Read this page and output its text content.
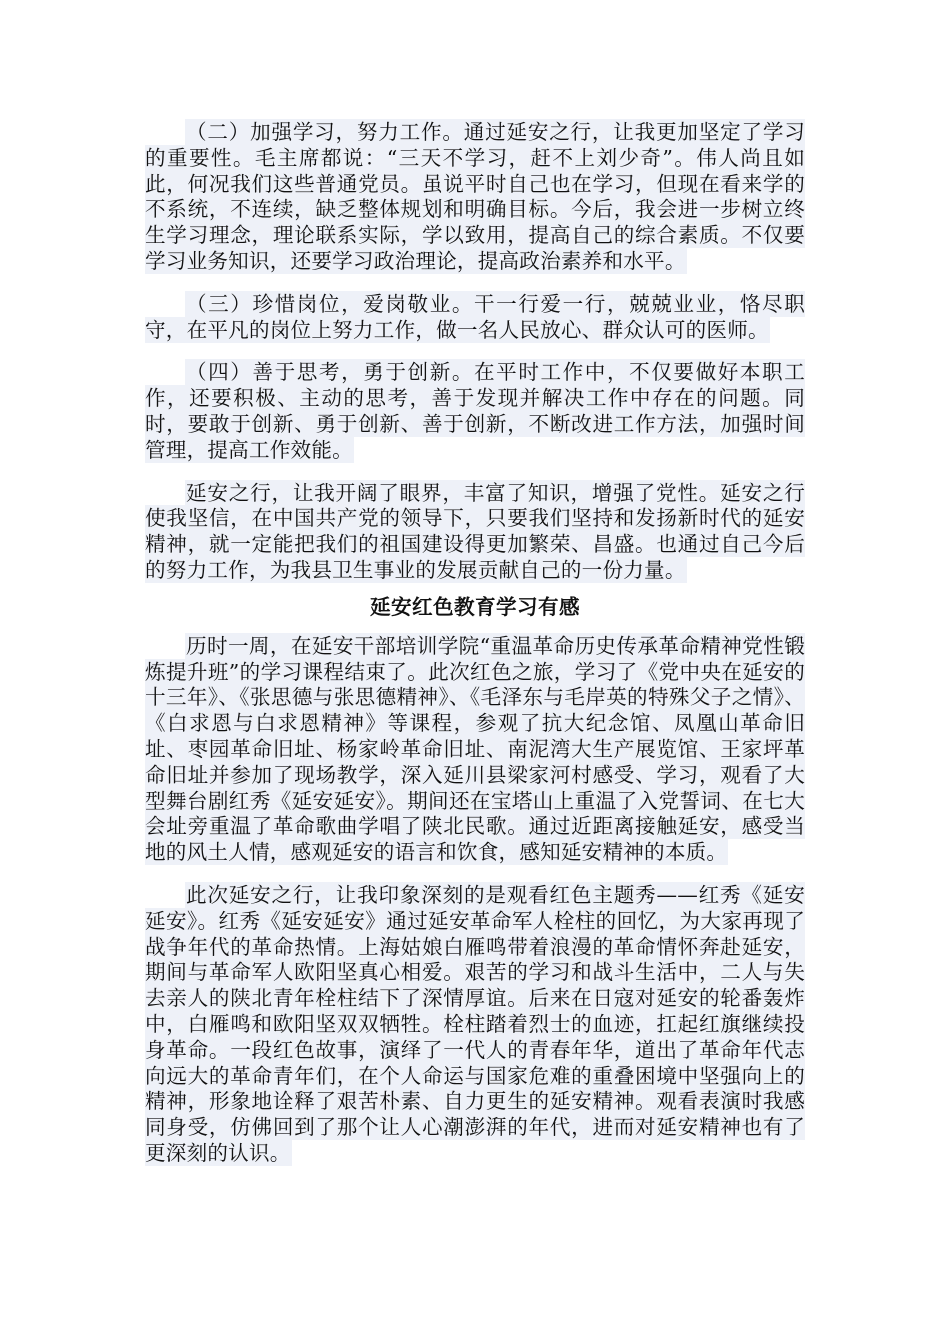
（二）加强学习，努力工作。通过延安之行，让我更加坚定了学习的重要性。毛主席都说：“三天不学习，赶不上刘少奇”。伟人尚且如此，何况我们这些普通党员。虽说平时自己也在学习，但现在看来学的不系统，不连续，缺乏整体规划和明确目标。今后，我会进一步树立终生学习理念，理论联系实际，学以致用，提高自己的综合素质。不仅要学习业务知识，还要学习政治理论，提高政治素养和水平。

（三）珍惜岗位，爱岗敬业。干一行爱一行，兢兢业业，恪尽职守，在平凡的岗位上努力工作，做一名人民放心、群众认可的医师。

（四）善于思考，勇于创新。在平时工作中，不仅要做好本职工作，还要积极、主动的思考，善于发现并解决工作中存在的问题。同时，要敢于创新、勇于创新、善于创新，不断改进工作方法，加强时间管理，提高工作效能。

延安之行，让我开阔了眼界，丰富了知识，增强了党性。延安之行使我坚信，在中国共产党的领导下，只要我们坚持和发扬新时代的延安精神，就一定能把我们的祖国建设得更加繁荣、昌盛。也通过自己今后的努力工作，为我县卫生事业的发展贡献自己的一份力量。

延安红色教育学习有感

历时一周，在延安干部培训学院“重温革命历史传承革命精神党性锻炼提升班”的学习课程结束了。此次红色之旅，学习了《党中央在延安的十三年》、《张思德与张思德精神》、《毛泽东与毛岸英的特殊父子之情》、《白求恩与白求恩精神》等课程，参观了抗大纪念馆、凤凰山革命旧址、枣园革命旧址、杨家岭革命旧址、南泥湾大生产展览馆、王家坪革命旧址并参加了现场教学，深入延川县梁家河村感受、学习，观看了大型舞台剧红秀《延安延安》。期间还在宝塔山上重温了入党誓词、在七大会址旁重温了革命歌曲学唱了陕北民歌。通过近距离接触延安，感受当地的风土人情，感观延安的语言和饮食，感知延安精神的本质。

此次延安之行，让我印象深刻的是观看红色主题秀——红秀《延安延安》。红秀《延安延安》通过延安革命军人栓柱的回忆，为大家再现了战争年代的革命热情。上海姑娘白雁鸣带着浪漫的革命情怀奔赴延安，期间与革命军人欧阳坚真心相爱。艰苦的学习和战斗生活中，二人与失去亲人的陕北青年栓柱结下了深情厚谊。后来在日寇对延安的轮番轰炸中，白雁鸣和欧阳坚双双牺牲。栓柱踏着烈士的血迹，扛起红旗继续投身革命。一段红色故事，演绎了一代人的青春年华，道出了革命年代志向远大的革命青年们，在个人命运与国家危难的重叠困境中坚强向上的精神，形象地诠释了艰苦朴素、自力更生的延安精神。观看表演时我感同身受，仿佛回到了那个让人心潮澎湃的年代，进而对延安精神也有了更深刻的认识。
